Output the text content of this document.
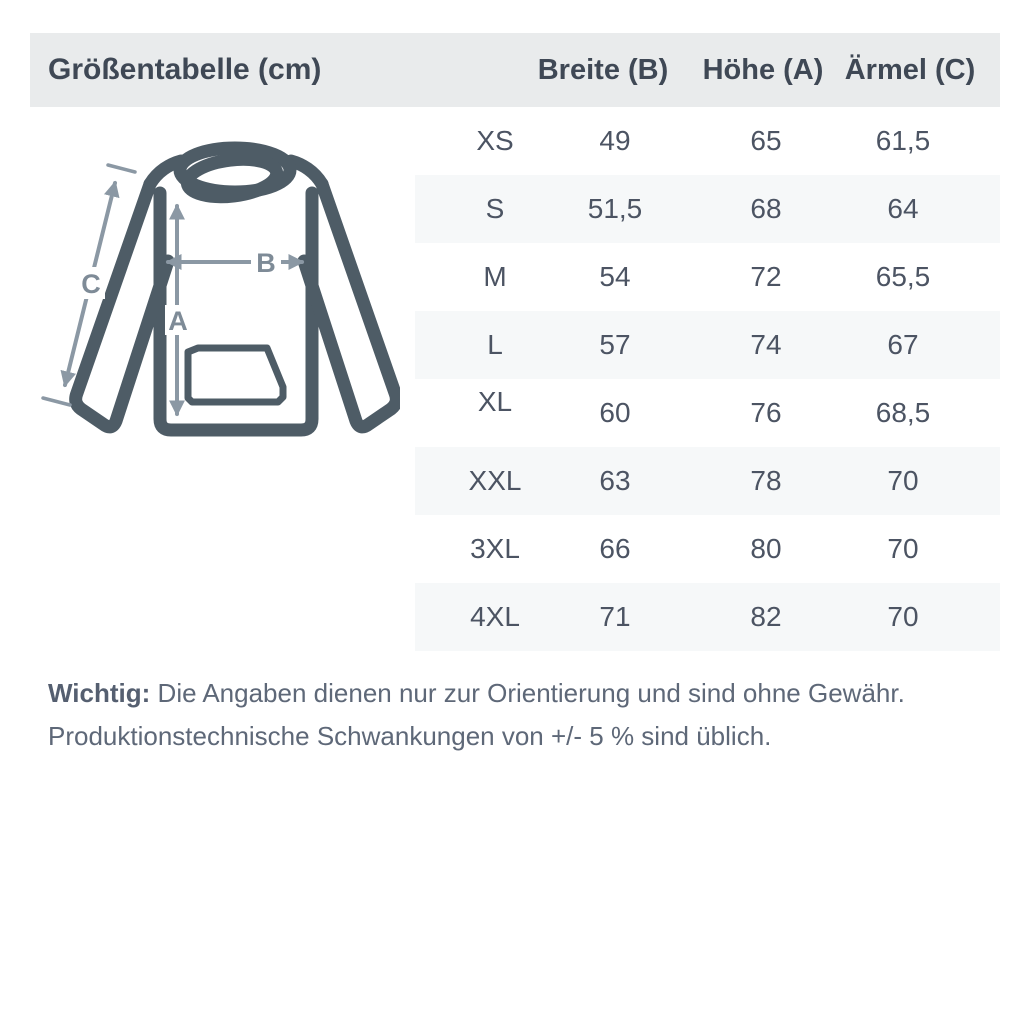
Größentabelle (cm)	Breite (B) Höhe (A) Ärmel (C)
A
B
C
XS	49	65	61,5
S	51,5	68	64
M	54	72	65,5
L	57	74	67
XL	60	76	68,5
XXL	63	78	70
3XL	66	80	70
4XL	71	82	70
Wichtig: Die Angaben dienen nur zur Orientierung und sind ohne Gewähr.
Produktionstechnische Schwankungen von +/- 5 % sind üblich.
